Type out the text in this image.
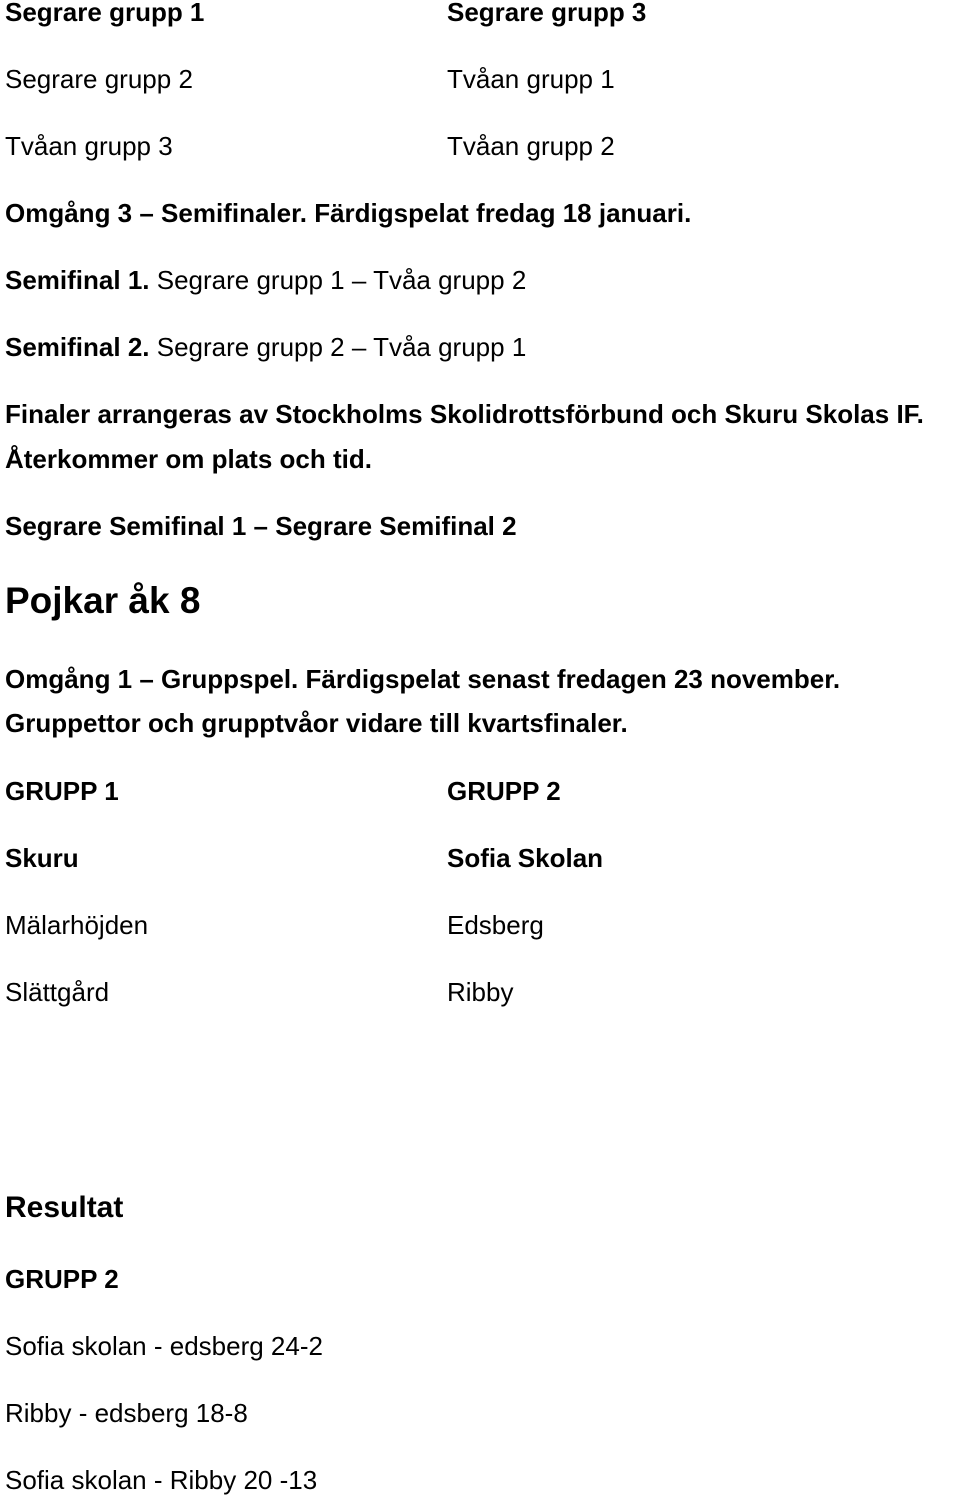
Segrare grupp 1	Segrare grupp 3

Segrare grupp 2	Tvåan grupp 1

Tvåan grupp 3	Tvåan grupp 2

Omgång 3 – Semifinaler. Färdigspelat fredag 18 januari.

Semifinal 1. Segrare grupp 1 – Tvåa grupp 2

Semifinal 2. Segrare grupp 2 – Tvåa grupp 1

Finaler arrangeras av Stockholms Skolidrottsförbund och Skuru Skolas IF.

Återkommer om plats och tid.

Segrare Semifinal 1 – Segrare Semifinal 2

Pojkar åk 8

Omgång 1 – Gruppspel. Färdigspelat senast fredagen 23 november.

Gruppettor och grupptvåor vidare till kvartsfinaler.

GRUPP 1	GRUPP 2

Skuru	Sofia Skolan

Mälarhöjden	Edsberg

Slättgård	Ribby

Resultat

GRUPP 2

Sofia skolan - edsberg 24-2

Ribby - edsberg 18-8

Sofia skolan - Ribby 20 -13
